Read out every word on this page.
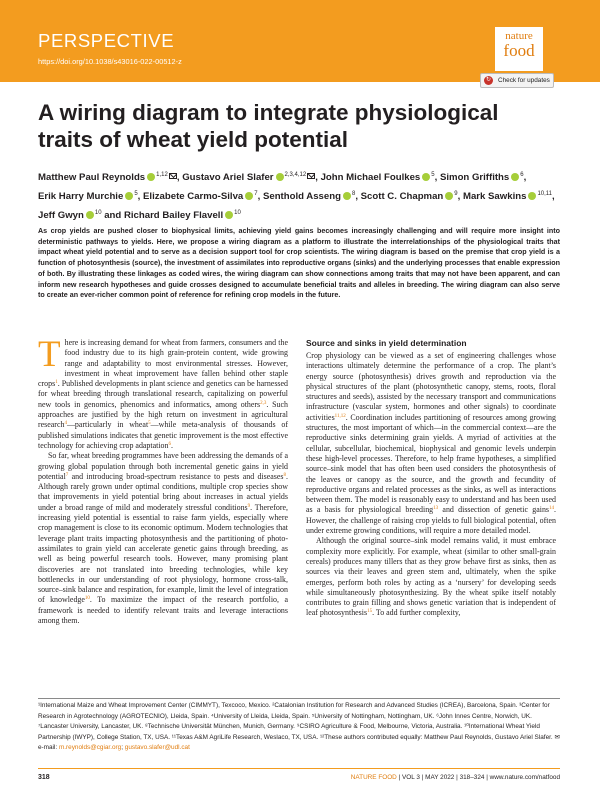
PERSPECTIVE
https://doi.org/10.1038/s43016-022-00512-z
nature
food
↻	Check for updates
A wiring diagram to integrate physiological traits of wheat yield potential
Matthew Paul Reynolds $^{1,12}$ , Gustavo Ariel Slafer $^{2,3,4,12}$ , John Michael Foulkes $^5$, Simon Griffiths $^6$, Erik Harry Murchie $^5$, Elizabete Carmo-Silva $^7$, Senthold Asseng $^8$, Scott C. Chapman $^9$, Mark Sawkins $^{10,11}$, Jeff Gwyn $^{10}$ and Richard Bailey Flavell $^{10}$
As crop yields are pushed closer to biophysical limits, achieving yield gains becomes increasingly challenging and will require more insight into deterministic pathways to yields. Here, we propose a wiring diagram as a platform to illustrate the interrelationships of the physiological traits that impact wheat yield potential and to serve as a decision support tool for crop scientists. The wiring diagram is based on the premise that crop yield is a function of photosynthesis (source), the investment of assimilates into reproductive organs (sinks) and the underlying processes that enable expression of both. By illustrating these linkages as coded wires, the wiring diagram can show connections among traits that may not have been apparent, and can inform new research hypotheses and guide crosses designed to accumulate beneficial traits and alleles in breeding. The wiring diagram can also serve to create an ever-richer common point of reference for refining crop models in the future.

There is increasing demand for wheat from farmers, consumers and the food industry due to its high grain-protein content, wide growing range and adaptability to most environmental stresses. However, investment in wheat improvement have fallen behind other staple crops$^1$. Published developments in plant science and genetics can be harnessed for wheat breeding through translational research, capitalizing on powerful new tools in genomics, phenomics and informatics, among others$^{2,3}$. Such approaches are justified by the high return on investment in agricultural research$^4$—particularly in wheat$^5$—while meta-analysis of thousands of published simulations indicates that genetic improvement is the most effective technology for achieving crop adaptation$^6$.

So far, wheat breeding programmes have been addressing the demands of a growing global population through both incremental genetic gains in yield potential$^7$ and introducing broad-spectrum resistance to pests and diseases$^8$. Although rarely grown under optimal conditions, multiple crop species show that improvements in yield potential bring about increases in actual yields under a broad range of mild and moderately stressful conditions$^9$. Therefore, increasing yield potential is essential to raise farm yields, especially where crop management is close to its economic optimum. Modern technologies that leverage plant traits impacting photosynthesis and the partitioning of photo-assimilates to grain yield can accelerate genetic gains through breeding, as well as being powerful research tools. However, many promising plant discoveries are not translated into breeding technologies, while key bottlenecks in our understanding of root physiology, hormone cross-talk, source–sink balance and respiration, for example, limit the level of integration of knowledge$^{10}$. To maximize the impact of the research portfolio, a framework is needed to identify relevant traits and leverage interactions among them.

Source and sinks in yield determination

Crop physiology can be viewed as a set of engineering challenges whose interactions ultimately determine the performance of a crop. The plant’s energy source (photosynthesis) drives growth and reproduction via the physical structures of the plant (photosynthetic canopy, stems, roots, floral structures and seeds), assisted by the necessary transport and communications infrastructure (vascular system, hormones and other signals) to coordinate activities$^{11,12}$. Coordination includes partitioning of resources among growing structures, the most important of which—in the commercial context—are the reproductive sinks determining grain yields. A myriad of activities at the cellular, subcellular, biochemical, biophysical and genomic levels underpin these high-level processes. Therefore, to help frame hypotheses, a simplified source–sink model that has often been used considers the photosynthesis of the leaves or canopy as the source, and the growth and fecundity of reproductive organs and related processes as the sinks, as well as interactions between them. The model is reasonably easy to understand and has been used as a basis for physiological breeding$^{13}$ and dissection of genetic gains$^{14}$. However, the challenge of raising crop yields to full biological potential, often under extreme growing conditions, will require a more detailed model.

Although the original source–sink model remains valid, it must embrace complexity more explicitly. For example, wheat (similar to other small-grain cereals) produces many tillers that as they grow behave first as sinks, then as sources via their leaves and green stem and, ultimately, when the spike emerges, perform both roles by acting as a ‘nursery’ for developing seeds while simultaneously photosynthesizing. By the wheat spike itself notably contributes to grain filling and shows genetic variation that is independent of leaf photosynthesis$^{15}$. To add further complexity,

¹International Maize and Wheat Improvement Center (CIMMYT), Texcoco, Mexico. ²Catalonian Institution for Research and Advanced Studies (ICREA), Barcelona, Spain. ³Center for Research in Agrotechnology (AGROTECNIO), Lleida, Spain. ⁴University of Lleida, Lleida, Spain. ⁵University of Nottingham, Nottingham, UK. ⁶John Innes Centre, Norwich, UK. ⁷Lancaster University, Lancaster, UK. ⁸Technische Universität München, Munich, Germany. ⁹CSIRO Agriculture & Food, Melbourne, Victoria, Australia. ¹⁰International Wheat Yield Partnership (IWYP), College Station, TX, USA. ¹¹Texas A&M AgriLife Research, Weslaco, TX, USA. ¹²These authors contributed equally: Matthew Paul Reynolds, Gustavo Ariel Slafer. ✉e-mail: m.reynolds@cgiar.org; gustavo.slafer@udl.cat
318	NATURE FOOD | VOL 3 | MAY 2022 | 318–324 | www.nature.com/natfood
